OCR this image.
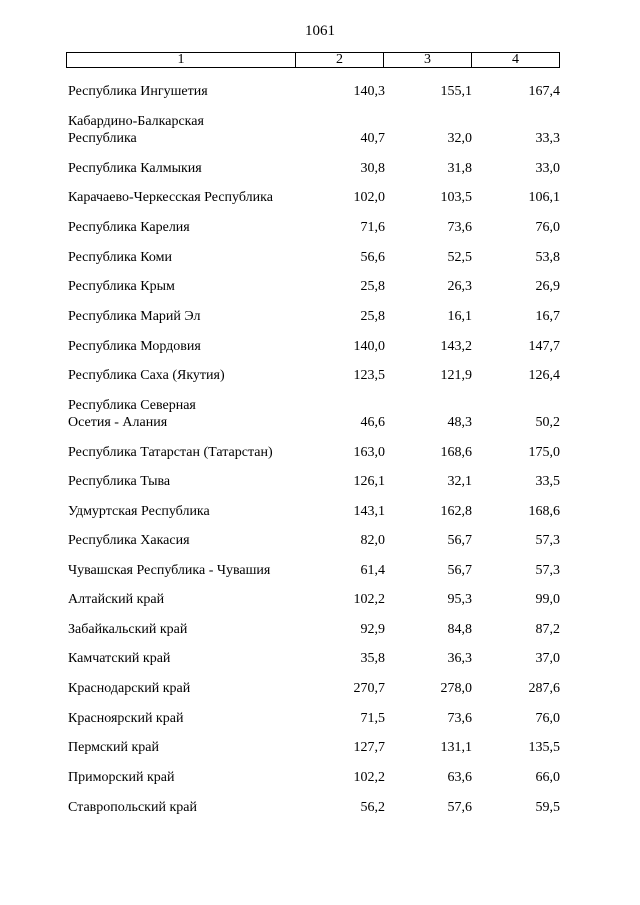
1061
1	2	3	4
Республика Ингушетия	140,3	155,1	167,4
Кабардино-Балкарская Республика	40,7	32,0	33,3
Республика Калмыкия	30,8	31,8	33,0
Карачаево-Черкесская Республика	102,0	103,5	106,1
Республика Карелия	71,6	73,6	76,0
Республика Коми	56,6	52,5	53,8
Республика Крым	25,8	26,3	26,9
Республика Марий Эл	25,8	16,1	16,7
Республика Мордовия	140,0	143,2	147,7
Республика Саха (Якутия)	123,5	121,9	126,4
Республика Северная Осетия - Алания	46,6	48,3	50,2
Республика Татарстан (Татарстан)	163,0	168,6	175,0
Республика Тыва	126,1	32,1	33,5
Удмуртская Республика	143,1	162,8	168,6
Республика Хакасия	82,0	56,7	57,3
Чувашская Республика - Чувашия	61,4	56,7	57,3
Алтайский край	102,2	95,3	99,0
Забайкальский край	92,9	84,8	87,2
Камчатский край	35,8	36,3	37,0
Краснодарский край	270,7	278,0	287,6
Красноярский край	71,5	73,6	76,0
Пермский край	127,7	131,1	135,5
Приморский край	102,2	63,6	66,0
Ставропольский край	56,2	57,6	59,5
